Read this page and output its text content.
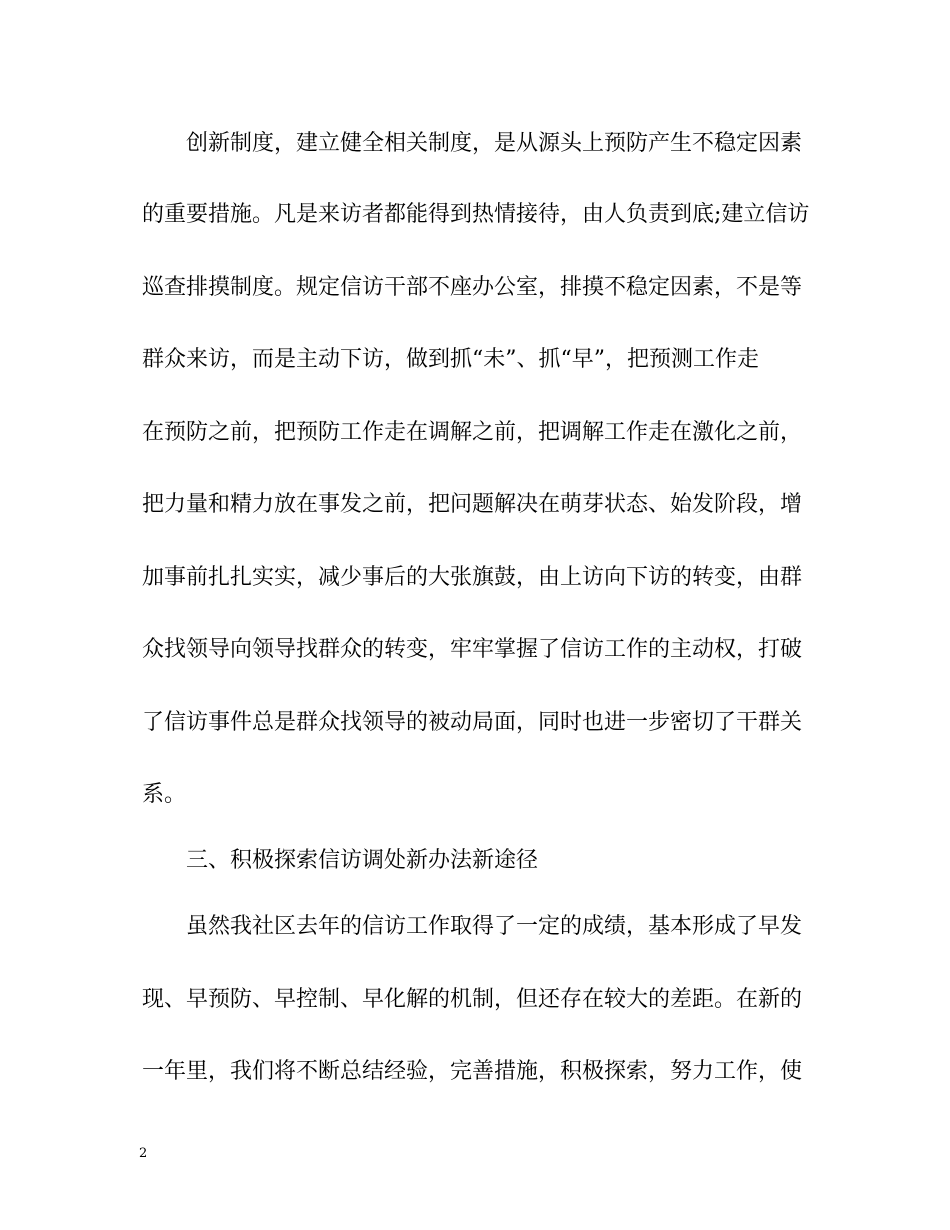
创新制度，建立健全相关制度，是从源头上预防产生不稳定因素
的重要措施。凡是来访者都能得到热情接待，由人负责到底;建立信访
巡查排摸制度。规定信访干部不座办公室，排摸不稳定因素，不是等
群众来访，而是主动下访，做到抓“未”、抓“早”，把预测工作走
在预防之前，把预防工作走在调解之前，把调解工作走在激化之前，
把力量和精力放在事发之前，把问题解决在萌芽状态、始发阶段，增
加事前扎扎实实，减少事后的大张旗鼓，由上访向下访的转变，由群
众找领导向领导找群众的转变，牢牢掌握了信访工作的主动权，打破
了信访事件总是群众找领导的被动局面，同时也进一步密切了干群关
系。
三、积极探索信访调处新办法新途径
虽然我社区去年的信访工作取得了一定的成绩，基本形成了早发
现、早预防、早控制、早化解的机制，但还存在较大的差距。在新的
一年里，我们将不断总结经验，完善措施，积极探索，努力工作，使
2
